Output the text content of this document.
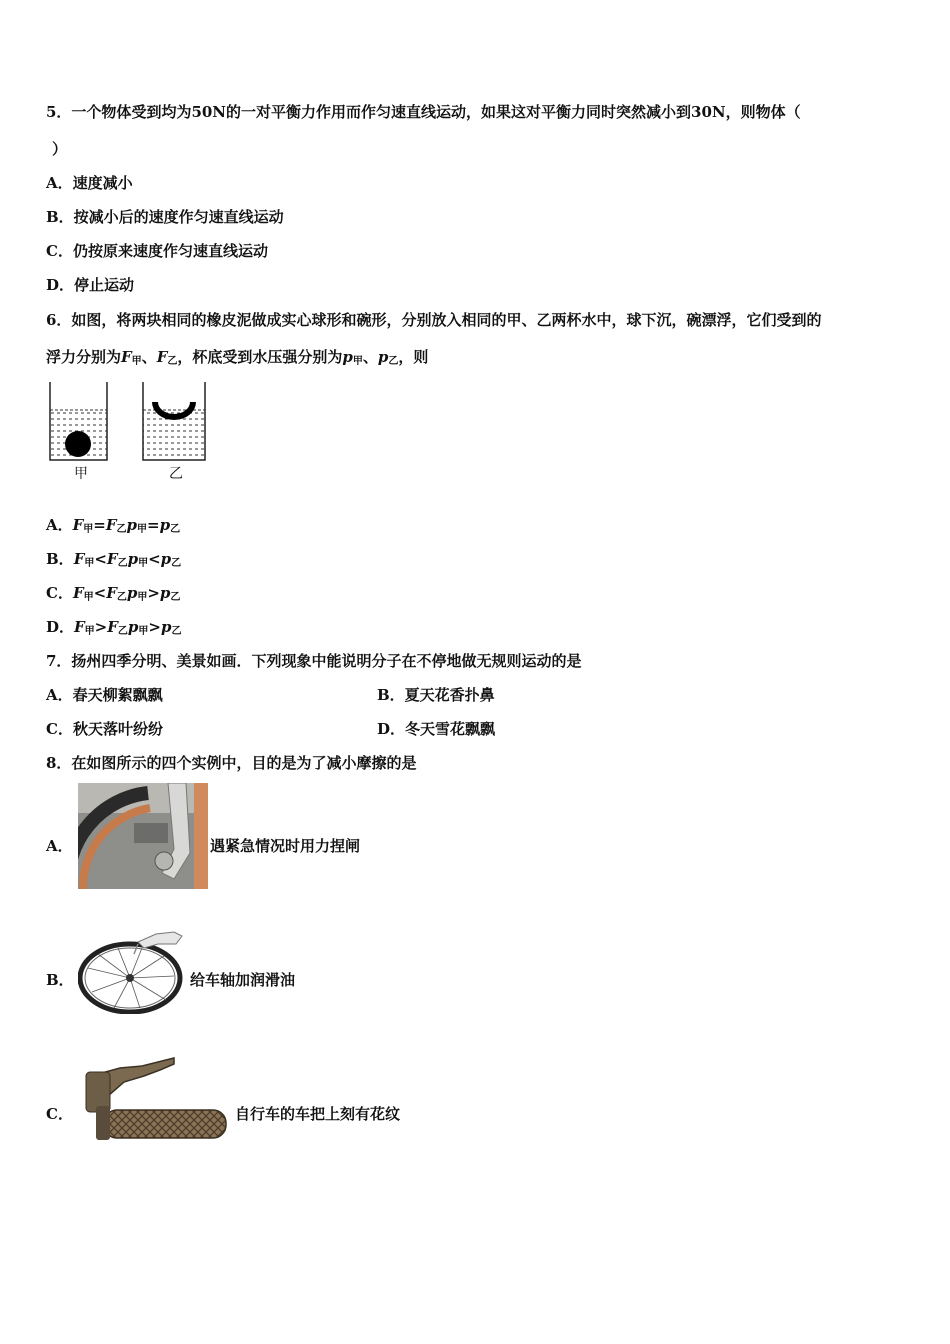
5．一个物体受到均为50N的一对平衡力作用而作匀速直线运动，如果这对平衡力同时突然减小到30N，则物体（
）
A．速度减小
B．按减小后的速度作匀速直线运动
C．仍按原来速度作匀速直线运动
D．停止运动
6．如图，将两块相同的橡皮泥做成实心球形和碗形，分别放入相同的甲、乙两杯水中，球下沉，碗漂浮，它们受到的
浮力分别为$F_甲$、$F_乙$，杯底受到水压强分别为$p_甲$、$p_乙$，则
甲	乙
A．$F_甲=F_乙p_甲=p_乙$
B．$F_甲<F_乙p_甲<p_乙$
C．$F_甲<F_乙p_甲>p_乙$
D．$F_甲>F_乙p_甲>p_乙$
7．扬州四季分明、美景如画．下列现象中能说明分子在不停地做无规则运动的是
A．春天柳絮飘飘	B．夏天花香扑鼻
C．秋天落叶纷纷	D．冬天雪花飘飘
8．在如图所示的四个实例中，目的是为了减小摩擦的是
A．	遇紧急情况时用力捏闸
B．	给车轴加润滑油
C．	自行车的车把上刻有花纹
